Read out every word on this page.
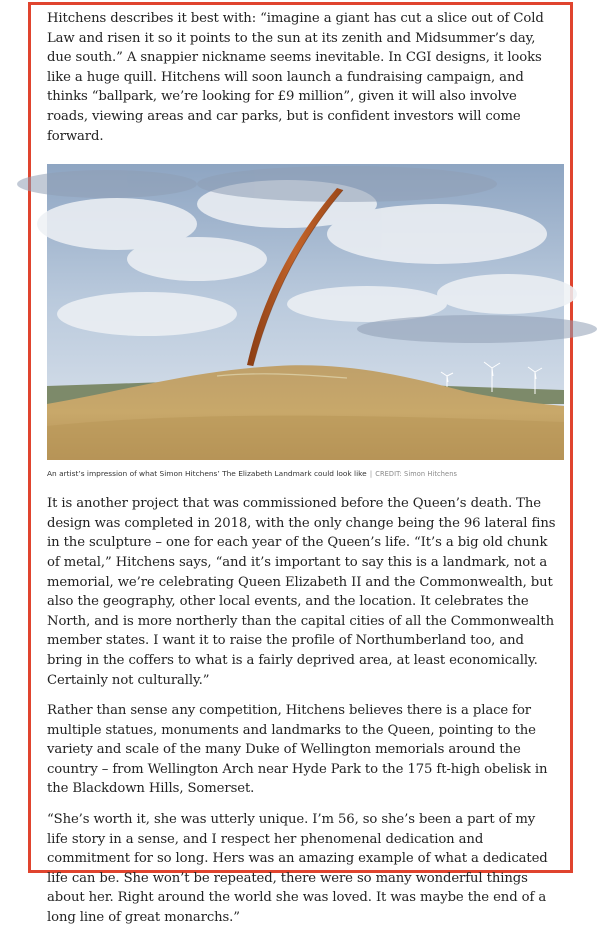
Hitchens describes it best with: “imagine a giant has cut a slice out of Cold Law and risen it so it points to the sun at its zenith and Midsummer’s day, due south.” A snappier nickname seems inevitable. In CGI designs, it looks like a huge quill. Hitchens will soon launch a fundraising campaign, and thinks “ballpark, we’re looking for £9 million”, given it will also involve roads, viewing areas and car parks, but is confident investors will come forward.

An artist’s impression of what Simon Hitchens’ The Elizabeth Landmark could look like | CREDIT: Simon Hitchens

It is another project that was commissioned before the Queen’s death. The design was completed in 2018, with the only change being the 96 lateral fins in the sculpture – one for each year of the Queen’s life. “It’s a big old chunk of metal,” Hitchens says, “and it’s important to say this is a landmark, not a memorial, we’re celebrating Queen Elizabeth II and the Commonwealth, but also the geography, other local events, and the location. It celebrates the North, and is more northerly than the capital cities of all the Commonwealth member states. I want it to raise the profile of Northumberland too, and bring in the coffers to what is a fairly deprived area, at least economically. Certainly not culturally.”

Rather than sense any competition, Hitchens believes there is a place for multiple statues, monuments and landmarks to the Queen, pointing to the variety and scale of the many Duke of Wellington memorials around the country – from Wellington Arch near Hyde Park to the 175 ft-high obelisk in the Blackdown Hills, Somerset.

“She’s worth it, she was utterly unique. I’m 56, so she’s been a part of my life story in a sense, and I respect her phenomenal dedication and commitment for so long. Hers was an amazing example of what a dedicated life can be. She won’t be repeated, there were so many wonderful things about her. Right around the world she was loved. It was maybe the end of a long line of great monarchs.”
